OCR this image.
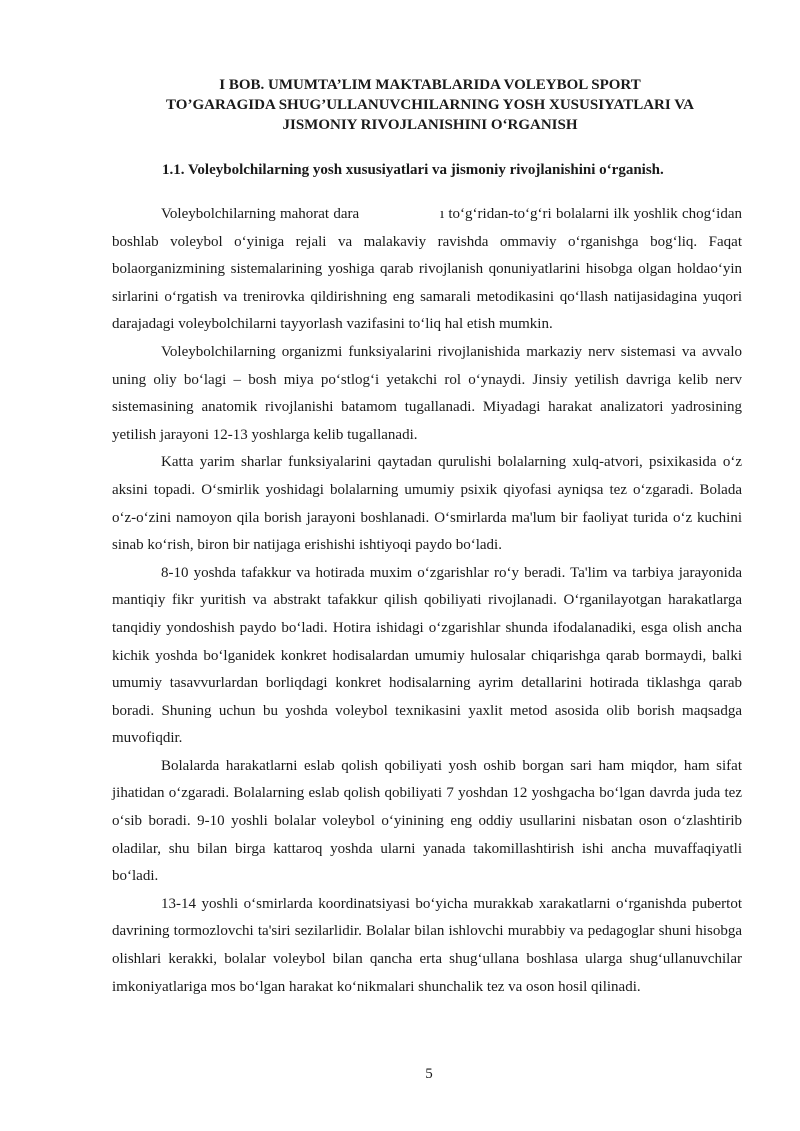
I BOB. UMUMTA’LIM MAKTABLARIDA VOLEYBOL SPORT
TO’GARAGIDA SHUG’ULLANUVCHILARNING YOSH XUSUSIYATLARI VA
JISMONIY RIVOJLANISHINI O‘RGANISH
1.1. Voleybolchilarning yosh xususiyatlari va jismoniy rivojlanishini o‘rganish.

Voleybolchilarning mahorat dara                   ı to‘g‘ridan-to‘g‘ri bolalarni ilk yoshlik chog‘idan boshlab voleybol o‘yiniga rejali va malakaviy ravishda ommaviy o‘rganishga bog‘liq. Faqat bolaorganizmining sistemalarining yoshiga qarab rivojlanish qonuniyatlarini hisobga olgan holdao‘yin sirlarini o‘rgatish va trenirovka qildirishning eng samarali metodikasini qo‘llash natijasidagina yuqori darajadagi voleybolchilarni tayyorlash vazifasini to‘liq hal etish mumkin.

Voleybolchilarning organizmi funksiyalarini rivojlanishida markaziy nerv sistemasi va avvalo uning oliy bo‘lagi – bosh miya po‘stlog‘i yetakchi rol o‘ynaydi. Jinsiy yetilish davriga kelib nerv sistemasining anatomik rivojlanishi batamom tugallanadi. Miyadagi harakat analizatori yadrosining yetilish jarayoni 12-13 yoshlarga kelib tugallanadi.

Katta yarim sharlar funksiyalarini qaytadan qurulishi bolalarning xulq-atvori, psixikasida o‘z aksini topadi. O‘smirlik yoshidagi bolalarning umumiy psixik qiyofasi ayniqsa tez o‘zgaradi. Bolada o‘z-o‘zini namoyon qila borish jarayoni boshlanadi. O‘smirlarda ma'lum bir faoliyat turida o‘z kuchini sinab ko‘rish, biron bir natijaga erishishi ishtiyoqi paydo bo‘ladi.

8-10 yoshda tafakkur va hotirada muxim o‘zgarishlar ro‘y beradi. Ta'lim va tarbiya jarayonida mantiqiy fikr yuritish va abstrakt tafakkur qilish qobiliyati rivojlanadi. O‘rganilayotgan harakatlarga tanqidiy yondoshish paydo bo‘ladi. Hotira ishidagi o‘zgarishlar shunda ifodalanadiki, esga olish ancha kichik yoshda bo‘lganidek konkret hodisalardan umumiy hulosalar chiqarishga qarab bormaydi, balki umumiy tasavvurlardan borliqdagi konkret hodisalarning ayrim detallarini hotirada tiklashga qarab boradi. Shuning uchun bu yoshda voleybol texnikasini yaxlit metod asosida olib borish maqsadga muvofiqdir.

Bolalarda harakatlarni eslab qolish qobiliyati yosh oshib borgan sari ham miqdor, ham sifat jihatidan o‘zgaradi. Bolalarning eslab qolish qobiliyati 7 yoshdan 12 yoshgacha bo‘lgan davrda juda tez o‘sib boradi. 9-10 yoshli bolalar voleybol o‘yinining eng oddiy usullarini nisbatan oson o‘zlashtirib oladilar, shu bilan birga kattaroq yoshda ularni yanada takomillashtirish ishi ancha muvaffaqiyatli bo‘ladi.

13-14 yoshli o‘smirlarda koordinatsiyasi bo‘yicha murakkab xarakatlarni o‘rganishda pubertot davrining tormozlovchi ta'siri sezilarlidir. Bolalar bilan ishlovchi murabbiy va pedagoglar shuni hisobga olishlari kerakki, bolalar voleybol bilan qancha erta shug‘ullana boshlasa ularga shug‘ullanuvchilar imkoniyatlariga mos bo‘lgan harakat ko‘nikmalari shunchalik tez va oson hosil qilinadi.

5
